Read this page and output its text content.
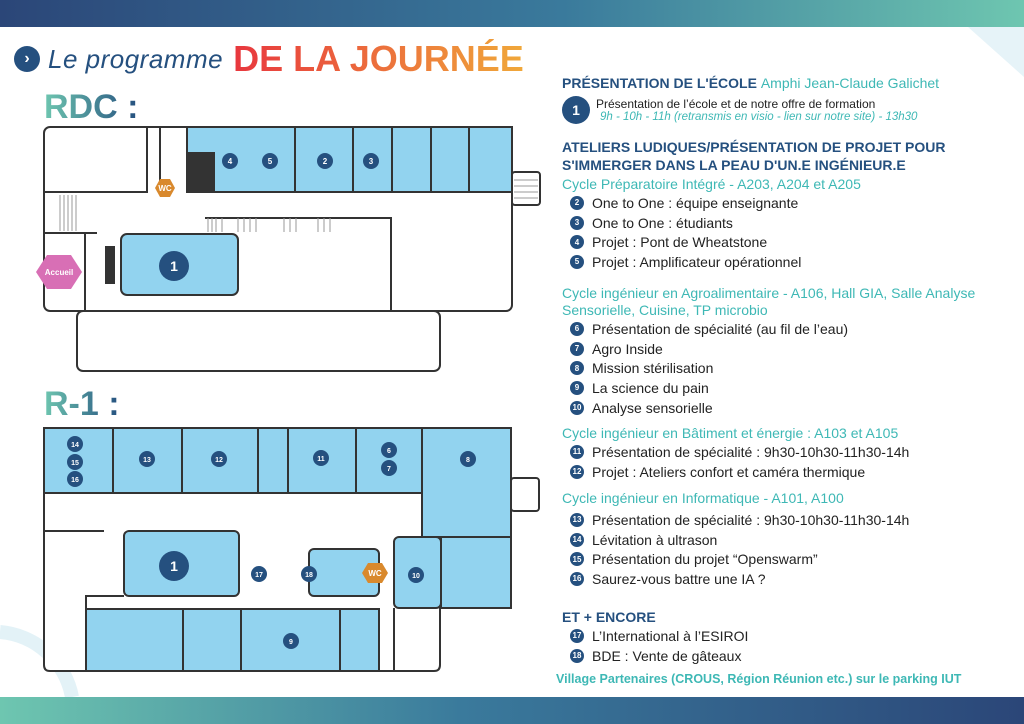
› Le programme DE LA JOURNÉE
RDC :
R-1 :
4	5	2	3
1
WC
Accueil
14
15
16
13	12	11
6
7
8
1
17	18	10
9
WC
PRÉSENTATION DE L'ÉCOLE Amphi Jean-Claude Galichet
1	Présentation de l’école et de notre offre de formation
9h - 10h - 11h (retransmis en visio - lien sur notre site) - 13h30
ATELIERS LUDIQUES/PRÉSENTATION DE PROJET POUR
S'IMMERGER DANS LA PEAU D'UN.E INGÉNIEUR.E
Cycle Préparatoire Intégré - A203, A204 et A205
2 One to One : équipe enseignante
3 One to One : étudiants
4 Projet : Pont de Wheatstone
5 Projet : Amplificateur opérationnel
Cycle ingénieur en Agroalimentaire - A106, Hall GIA, Salle Analyse Sensorielle, Cuisine, TP microbio
6 Présentation de spécialité (au fil de l’eau)
7 Agro Inside
8 Mission stérilisation
9 La science du pain
10 Analyse sensorielle
Cycle ingénieur en Bâtiment et énergie : A103 et A105
11 Présentation de spécialité : 9h30-10h30-11h30-14h
12 Projet : Ateliers confort et caméra thermique
Cycle ingénieur en Informatique - A101, A100
13 Présentation de spécialité : 9h30-10h30-11h30-14h
14 Lévitation à ultrason
15 Présentation du projet “Openswarm”
16 Saurez-vous battre une IA ?
ET + ENCORE
17 L’International à l’ESIROI
18 BDE : Vente de gâteaux
Village Partenaires (CROUS, Région Réunion etc.) sur le parking IUT
